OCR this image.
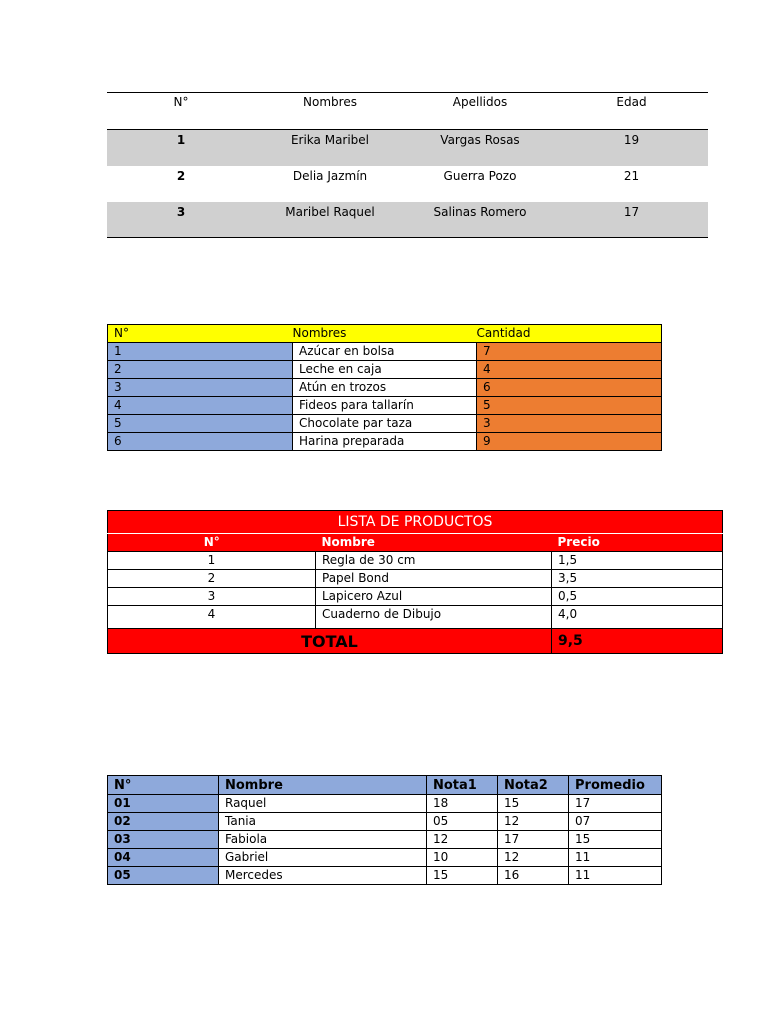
N°	Nombres	Apellidos	Edad
1	Erika Maribel	Vargas Rosas	19
2	Delia Jazmín	Guerra Pozo	21
3	Maribel Raquel	Salinas Romero	17
N°	Nombres	Cantidad
1	Azúcar en bolsa	7
2	Leche en caja	4
3	Atún en trozos	6
4	Fideos para tallarín	5
5	Chocolate par taza	3
6	Harina preparada	9
LISTA DE PRODUCTOS		
N°	Nombre	Precio
1	Regla de 30 cm	1,5
2	Papel Bond	3,5
3	Lapicero Azul	0,5
4	Cuaderno de Dibujo	4,0
TOTAL		9,5
N°	Nombre	Nota1	Nota2	Promedio
01	Raquel	18	15	17
02	Tania	05	12	07
03	Fabiola	12	17	15
04	Gabriel	10	12	11
05	Mercedes	15	16	11
